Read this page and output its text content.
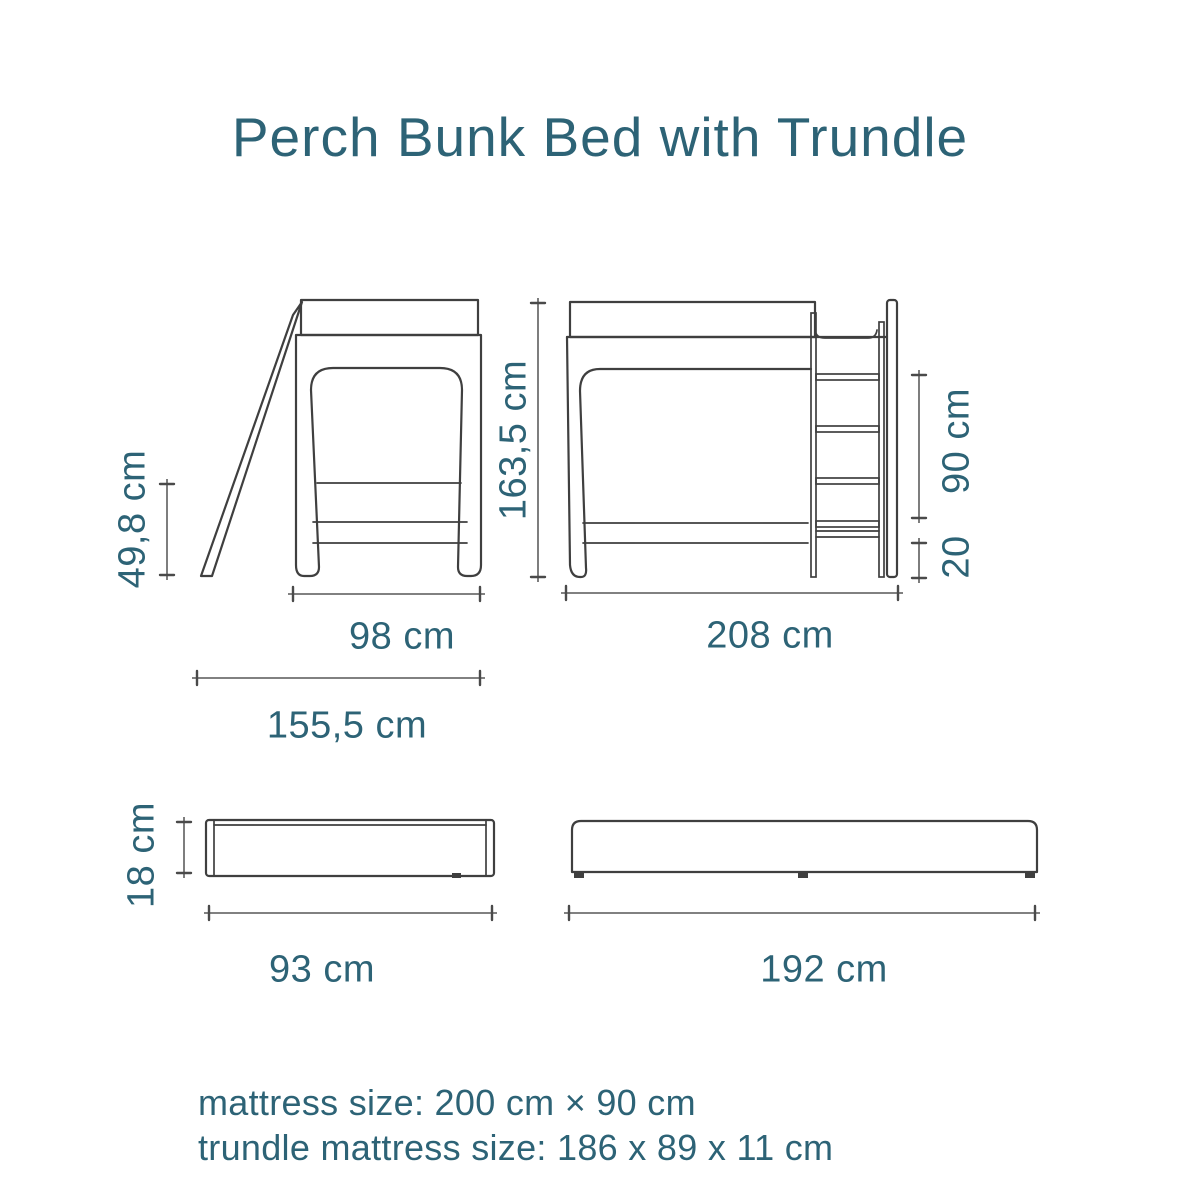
Perch Bunk Bed with Trundle
49,8 cm	163,5 cm
98 cm
155,5 cm
208 cm
90 cm
20
18 cm
93 cm	192 cm
mattress size: 200 cm × 90 cm
trundle mattress size: 186 x 89 x 11 cm
